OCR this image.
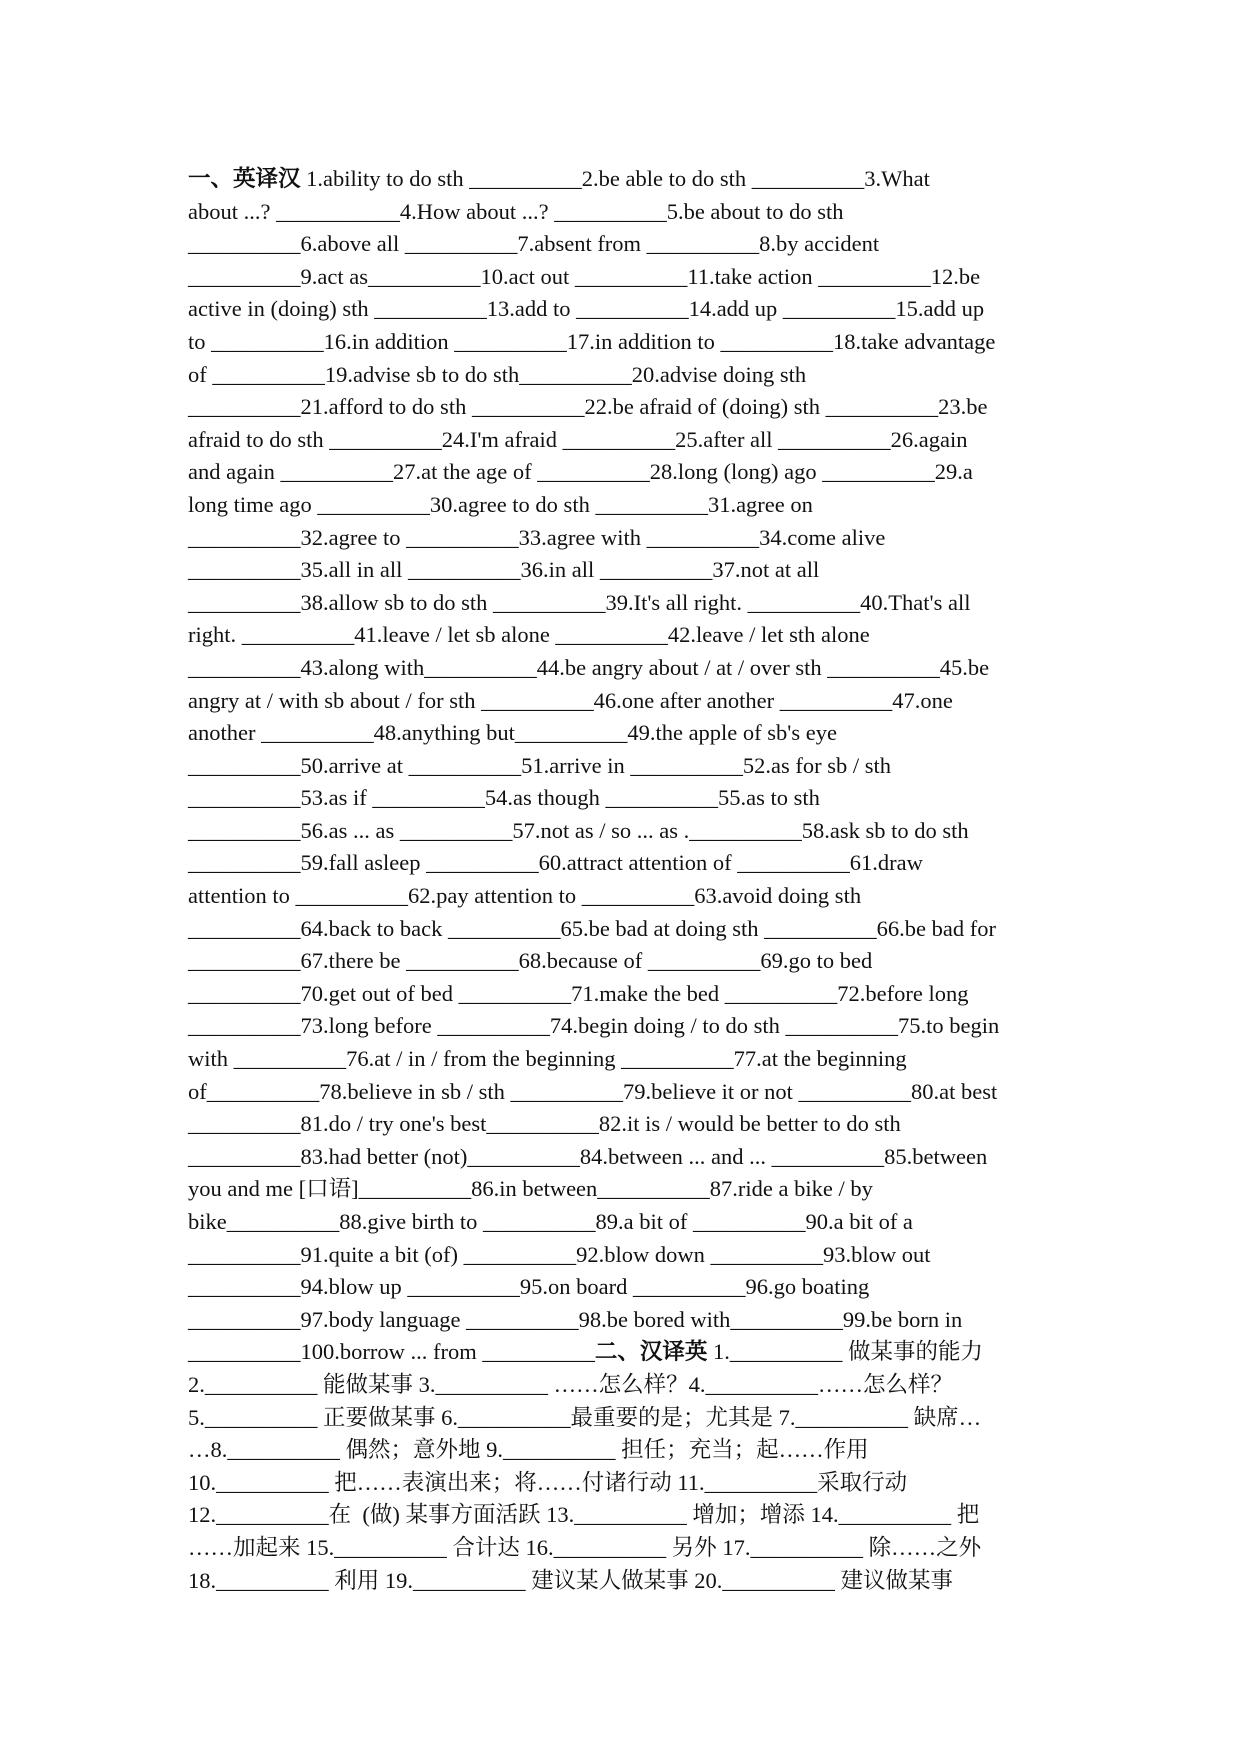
一、英译汉 1.ability to do sth __________2.be able to do sth __________3.What
about ...? ___________4.How about ...? __________5.be about to do sth
__________6.above all __________7.absent from __________8.by accident
__________9.act as__________10.act out __________11.take action __________12.be
active in (doing) sth __________13.add to __________14.add up __________15.add up
to __________16.in addition __________17.in addition to __________18.take advantage
of __________19.advise sb to do sth__________20.advise doing sth
__________21.afford to do sth __________22.be afraid of (doing) sth __________23.be
afraid to do sth __________24.I'm afraid __________25.after all __________26.again
and again __________27.at the age of __________28.long (long) ago __________29.a
long time ago __________30.agree to do sth __________31.agree on
__________32.agree to __________33.agree with __________34.come alive
__________35.all in all __________36.in all __________37.not at all
__________38.allow sb to do sth __________39.It's all right. __________40.That's all
right. __________41.leave / let sb alone __________42.leave / let sth alone
__________43.along with__________44.be angry about / at / over sth __________45.be
angry at / with sb about / for sth __________46.one after another __________47.one
another __________48.anything but__________49.the apple of sb's eye
__________50.arrive at __________51.arrive in __________52.as for sb / sth
__________53.as if __________54.as though __________55.as to sth
__________56.as ... as __________57.not as / so ... as .__________58.ask sb to do sth
__________59.fall asleep __________60.attract attention of __________61.draw
attention to __________62.pay attention to __________63.avoid doing sth
__________64.back to back __________65.be bad at doing sth __________66.be bad for
__________67.there be __________68.because of __________69.go to bed
__________70.get out of bed __________71.make the bed __________72.before long
__________73.long before __________74.begin doing / to do sth __________75.to begin
with __________76.at / in / from the beginning __________77.at the beginning
of__________78.believe in sb / sth __________79.believe it or not __________80.at best
__________81.do / try one's best__________82.it is / would be better to do sth
__________83.had better (not)__________84.between ... and ... __________85.between
you and me [口语]__________86.in between__________87.ride a bike / by
bike__________88.give birth to __________89.a bit of __________90.a bit of a
__________91.quite a bit (of) __________92.blow down __________93.blow out
__________94.blow up __________95.on board __________96.go boating
__________97.body language __________98.be bored with__________99.be born in
__________100.borrow ... from __________二、汉译英 1.__________ 做某事的能力
2.__________ 能做某事 3.__________ ……怎么样？4.__________……怎么样？
5.__________ 正要做某事 6.__________最重要的是；尤其是 7.__________ 缺席…
…8.__________ 偶然；意外地 9.__________ 担任；充当；起……作用
10.__________ 把……表演出来；将……付诸行动 11.__________采取行动
12.__________在  (做) 某事方面活跃 13.__________ 增加；增添 14.__________ 把
……加起来 15.__________ 合计达 16.__________ 另外 17.__________ 除……之外
18.__________ 利用 19.__________ 建议某人做某事 20.__________ 建议做某事
